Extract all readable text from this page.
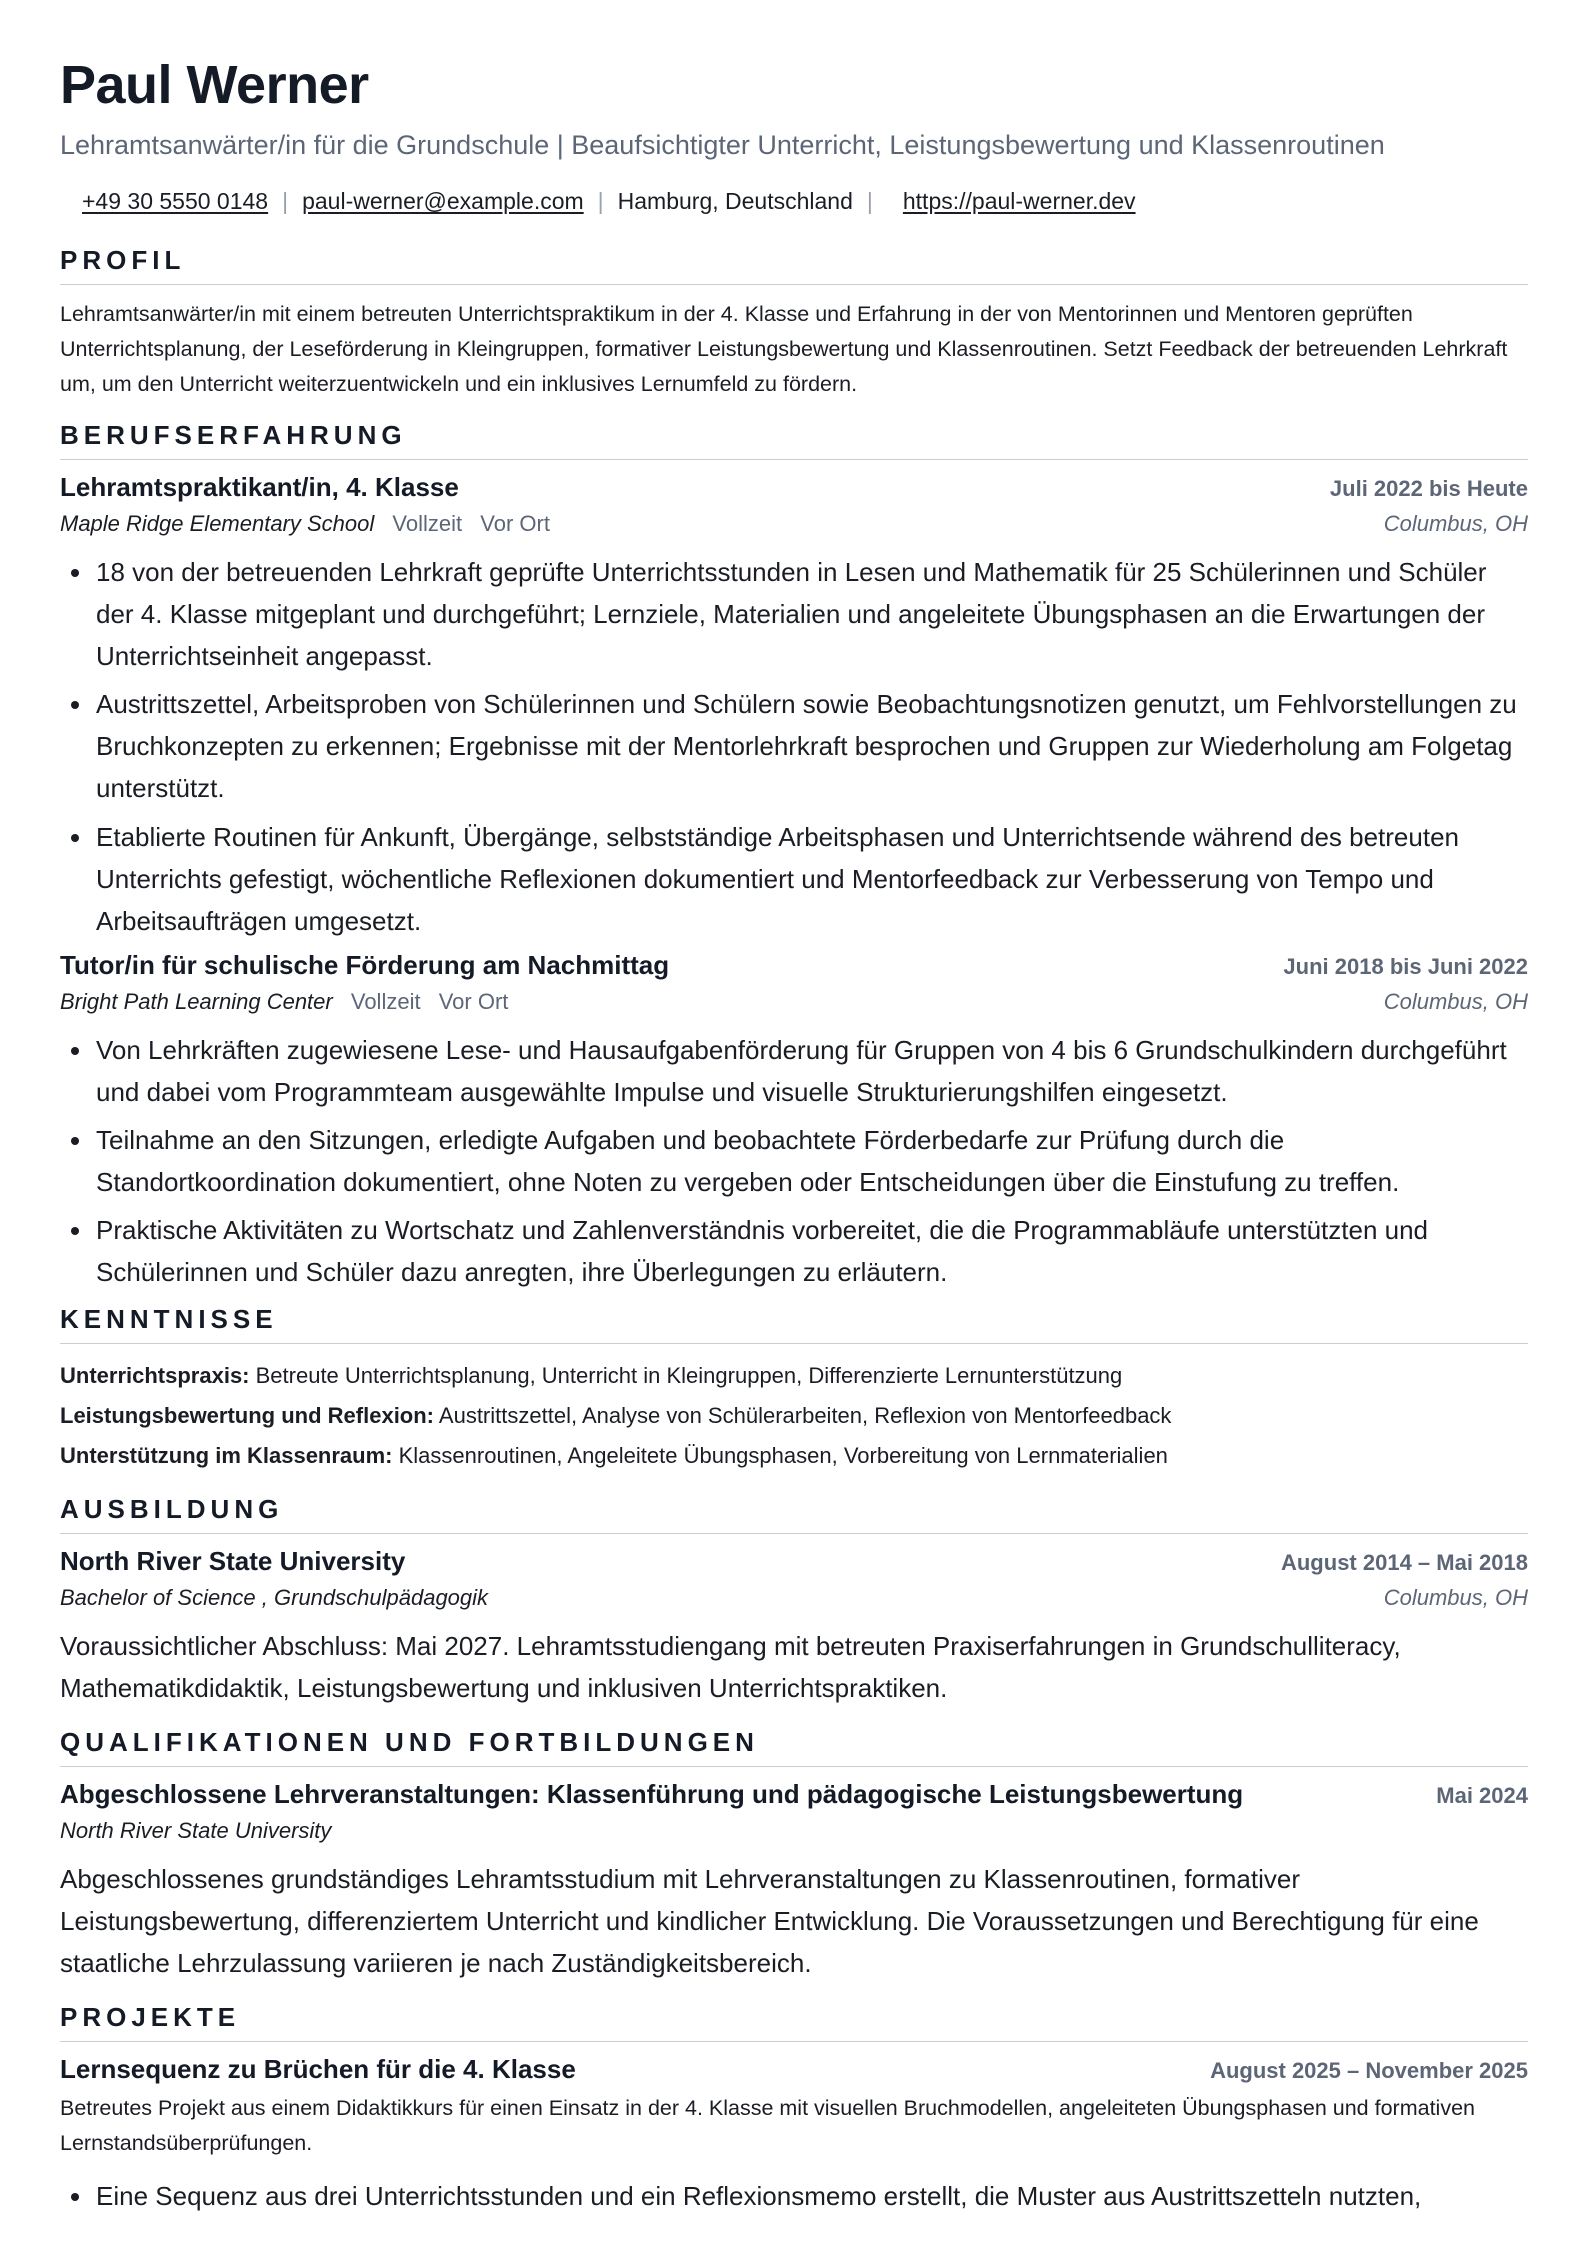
Paul Werner
Lehramtsanwärter/in für die Grundschule | Beaufsichtigter Unterricht, Leistungsbewertung und Klassenroutinen
+49 30 5550 0148 | paul-werner@example.com | Hamburg, Deutschland | https://paul-werner.dev
PROFIL
Lehramtsanwärter/in mit einem betreuten Unterrichtspraktikum in der 4. Klasse und Erfahrung in der von Mentorinnen und Mentoren geprüften Unterrichtsplanung, der Leseförderung in Kleingruppen, formativer Leistungsbewertung und Klassenroutinen. Setzt Feedback der betreuenden Lehrkraft um, um den Unterricht weiterzuentwickeln und ein inklusives Lernumfeld zu fördern.
BERUFSERFAHRUNG
Lehramtspraktikant/in, 4. Klasse	Juli 2022 bis Heute
Maple Ridge Elementary School Vollzeit Vor Ort	Columbus, OH
• 18 von der betreuenden Lehrkraft geprüfte Unterrichtsstunden in Lesen und Mathematik für 25 Schülerinnen und Schüler der 4. Klasse mitgeplant und durchgeführt; Lernziele, Materialien und angeleitete Übungsphasen an die Erwartungen der Unterrichtseinheit angepasst.
• Austrittszettel, Arbeitsproben von Schülerinnen und Schülern sowie Beobachtungsnotizen genutzt, um Fehlvorstellungen zu Bruchkonzepten zu erkennen; Ergebnisse mit der Mentorlehrkraft besprochen und Gruppen zur Wiederholung am Folgetag unterstützt.
• Etablierte Routinen für Ankunft, Übergänge, selbstständige Arbeitsphasen und Unterrichtsende während des betreuten Unterrichts gefestigt, wöchentliche Reflexionen dokumentiert und Mentorfeedback zur Verbesserung von Tempo und Arbeitsaufträgen umgesetzt.
Tutor/in für schulische Förderung am Nachmittag	Juni 2018 bis Juni 2022
Bright Path Learning Center Vollzeit Vor Ort	Columbus, OH
• Von Lehrkräften zugewiesene Lese- und Hausaufgabenförderung für Gruppen von 4 bis 6 Grundschulkindern durchgeführt und dabei vom Programmteam ausgewählte Impulse und visuelle Strukturierungshilfen eingesetzt.
• Teilnahme an den Sitzungen, erledigte Aufgaben und beobachtete Förderbedarfe zur Prüfung durch die Standortkoordination dokumentiert, ohne Noten zu vergeben oder Entscheidungen über die Einstufung zu treffen.
• Praktische Aktivitäten zu Wortschatz und Zahlenverständnis vorbereitet, die die Programmabläufe unterstützten und Schülerinnen und Schüler dazu anregten, ihre Überlegungen zu erläutern.
KENNTNISSE
Unterrichtspraxis: Betreute Unterrichtsplanung, Unterricht in Kleingruppen, Differenzierte Lernunterstützung
Leistungsbewertung und Reflexion: Austrittszettel, Analyse von Schülerarbeiten, Reflexion von Mentorfeedback
Unterstützung im Klassenraum: Klassenroutinen, Angeleitete Übungsphasen, Vorbereitung von Lernmaterialien
AUSBILDUNG
North River State University	August 2014 – Mai 2018
Bachelor of Science , Grundschulpädagogik	Columbus, OH
Voraussichtlicher Abschluss: Mai 2027. Lehramtsstudiengang mit betreuten Praxiserfahrungen in Grundschulliteracy, Mathematikdidaktik, Leistungsbewertung und inklusiven Unterrichtspraktiken.
QUALIFIKATIONEN UND FORTBILDUNGEN
Abgeschlossene Lehrveranstaltungen: Klassenführung und pädagogische Leistungsbewertung	Mai 2024
North River State University
Abgeschlossenes grundständiges Lehramtsstudium mit Lehrveranstaltungen zu Klassenroutinen, formativer Leistungsbewertung, differenziertem Unterricht und kindlicher Entwicklung. Die Voraussetzungen und Berechtigung für eine staatliche Lehrzulassung variieren je nach Zuständigkeitsbereich.
PROJEKTE
Lernsequenz zu Brüchen für die 4. Klasse	August 2025 – November 2025
Betreutes Projekt aus einem Didaktikkurs für einen Einsatz in der 4. Klasse mit visuellen Bruchmodellen, angeleiteten Übungsphasen und formativen Lernstandsüberprüfungen.
• Eine Sequenz aus drei Unterrichtsstunden und ein Reflexionsmemo erstellt, die Muster aus Austrittszetteln nutzten,
